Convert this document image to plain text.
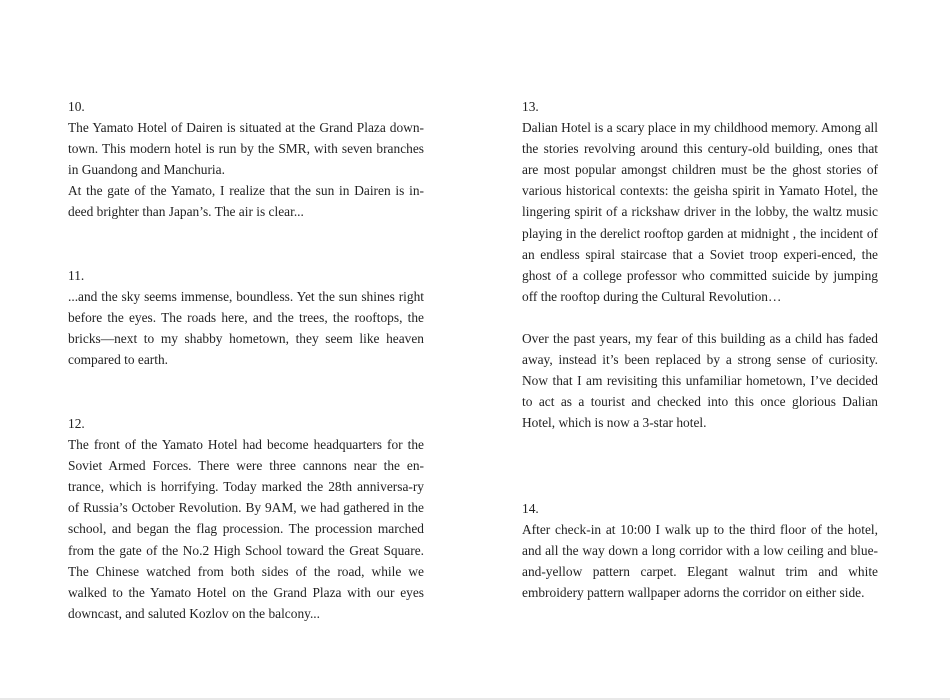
10.

The Yamato Hotel of Dairen is situated at the Grand Plaza down-town. This modern hotel is run by the SMR, with seven branches in Guandong and Manchuria.

At the gate of the Yamato, I realize that the sun in Dairen is in-deed brighter than Japan’s. The air is clear...

11.

...and the sky seems immense, boundless. Yet the sun shines right before the eyes. The roads here, and the trees, the rooftops, the bricks—next to my shabby hometown, they seem like heaven compared to earth.

12.

The front of the Yamato Hotel had become headquarters for the Soviet Armed Forces. There were three cannons near the en-trance, which is horrifying. Today marked the 28th anniversa-ry of Russia’s October Revolution. By 9AM, we had gathered in the school, and began the flag procession. The procession marched from the gate of the No.2 High School toward the Great Square. The Chinese watched from both sides of the road, while we walked to the Yamato Hotel on the Grand Plaza with our eyes downcast, and saluted Kozlov on the balcony...

13.

Dalian Hotel is a scary place in my childhood memory. Among all the stories revolving around this century-old building, ones that are most popular amongst children must be the ghost stories of various historical contexts: the geisha spirit in Yamato Hotel, the lingering spirit of a rickshaw driver in the lobby, the waltz music playing in the derelict rooftop garden at midnight , the incident of an endless spiral staircase that a Soviet troop experi-enced, the ghost of a college professor who committed suicide by jumping off the rooftop during the Cultural Revolution…

Over the past years, my fear of this building as a child has faded away, instead it’s been replaced by a strong sense of curiosity. Now that I am revisiting this unfamiliar hometown, I’ve decided to act as a tourist and checked into this once glorious Dalian Hotel, which is now a 3-star hotel.

14.

After check-in at 10:00 I walk up to the third floor of the hotel, and all the way down a long corridor with a low ceiling and blue-and-yellow pattern carpet. Elegant walnut trim and white embroidery pattern wallpaper adorns the corridor on either side.
